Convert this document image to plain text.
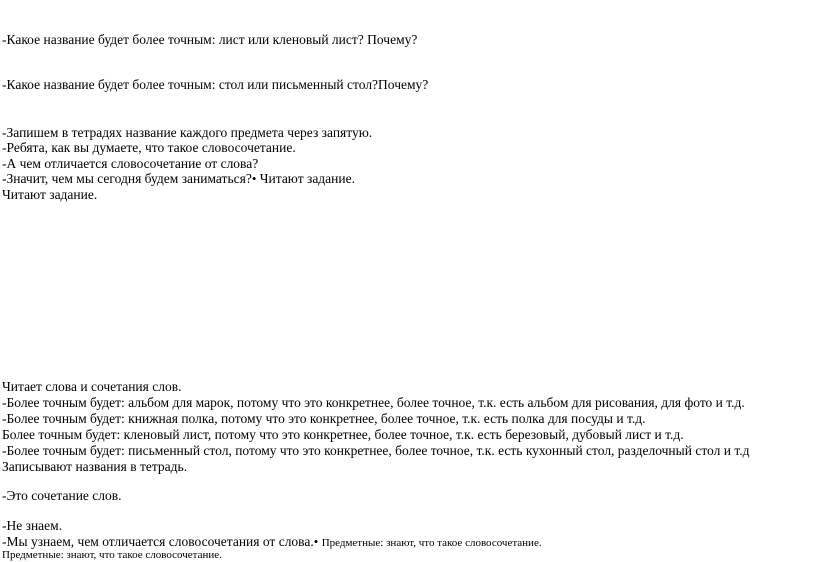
-Какое название будет более точным: лист или кленовый лист? Почему?
-Какое название будет более точным: стол или письменный стол?Почему?
-Запишем в тетрадях название каждого предмета через запятую.
-Ребята, как вы думаете, что такое словосочетание.
-А чем отличается словосочетание от слова?
-Значит, чем мы сегодня будем заниматься?• Читают задание.
Читают задание.
Читает слова и сочетания слов.
-Более точным будет: альбом для марок, потому что это конкретнее, более точное, т.к. есть альбом для рисования, для фото и т.д.
-Более точным будет: книжная полка, потому что это конкретнее, более точное, т.к. есть полка для посуды и т.д.
Более точным будет: кленовый лист, потому что это конкретнее, более точное, т.к. есть березовый, дубовый лист и т.д.
-Более точным будет: письменный стол, потому что это конкретнее, более точное, т.к. есть кухонный стол, разделочный стол и т.д
Записывают названия в тетрадь.
-Это сочетание слов.
-Не знаем.
-Мы узнаем, чем отличается словосочетания от слова.• Предметные: знают, что такое словосочетание.
Предметные: знают, что такое словосочетание.
